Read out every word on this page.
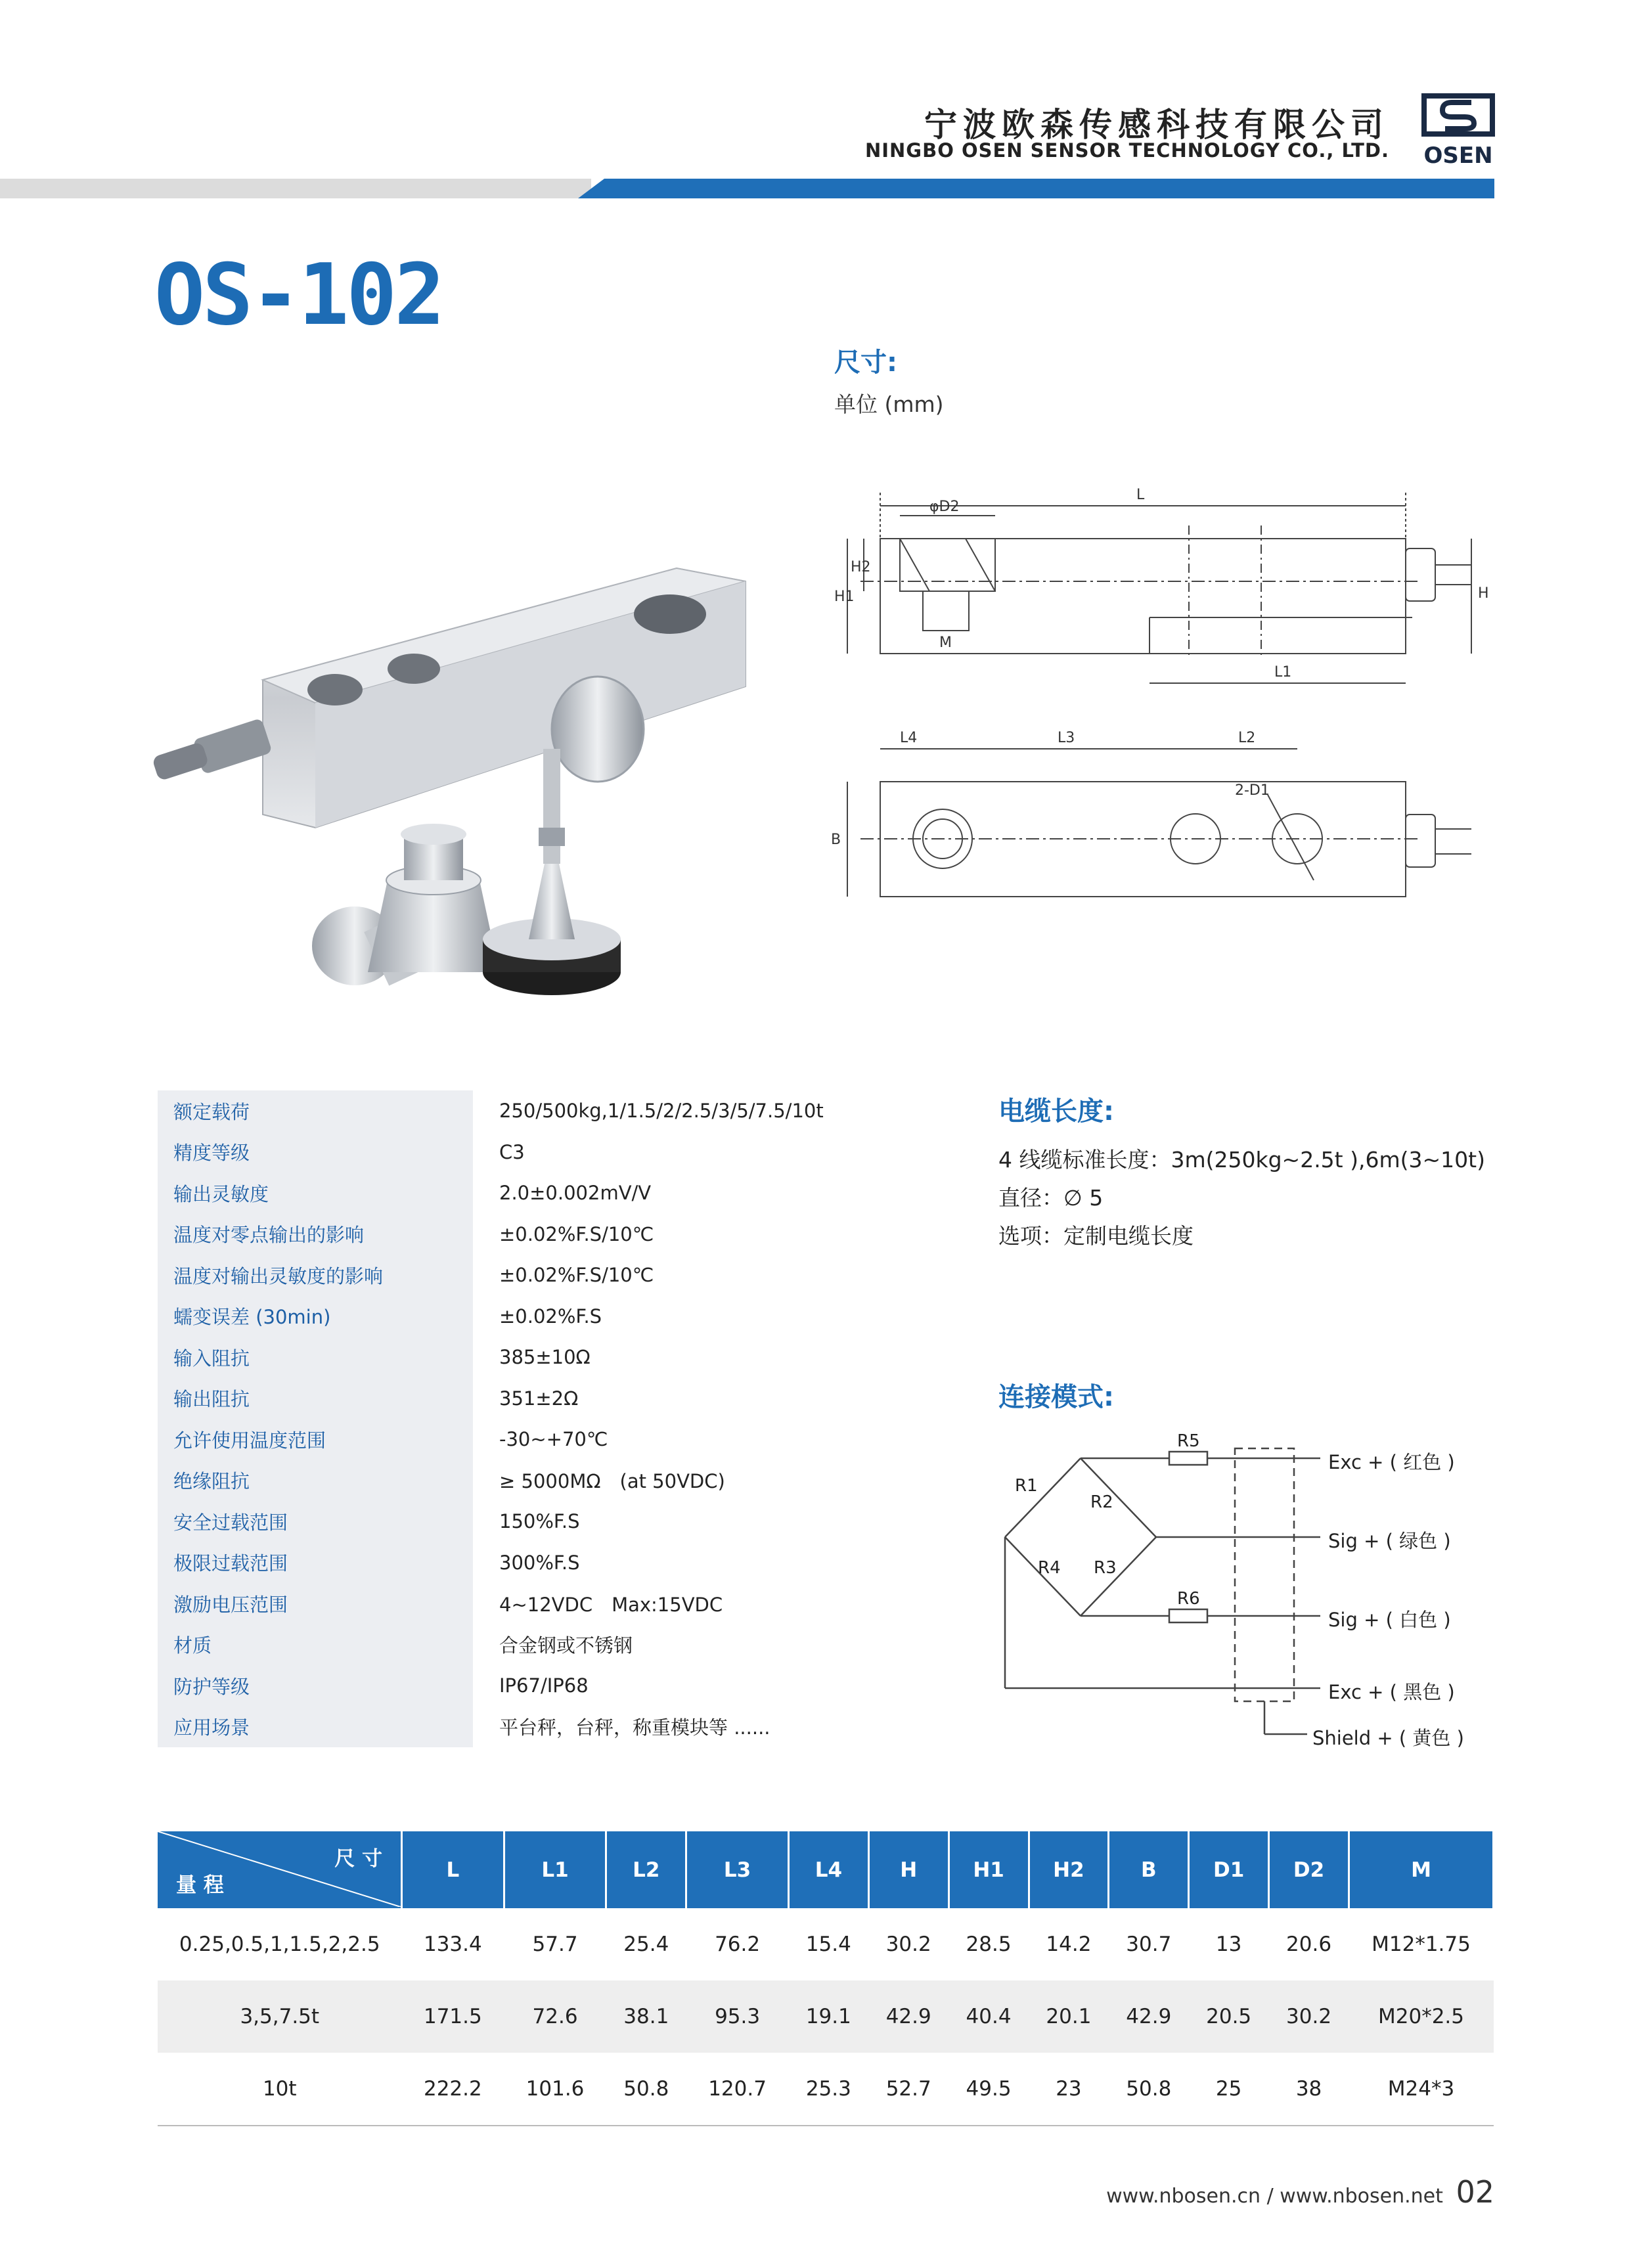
宁波欧森传感科技有限公司
NINGBO OSEN SENSOR TECHNOLOGY CO., LTD. OSEN
OS-102
尺寸:
单位 (mm)
L
φD2
H1
H2
H
M
L1
L4	L3	L2
2-D1
B
额定载荷	250/500kg,1/1.5/2/2.5/3/5/7.5/10t
精度等级	C3
输出灵敏度	2.0±0.002mV/V
温度对零点输出的影响	±0.02%F.S/10℃
温度对输出灵敏度的影响	±0.02%F.S/10℃
蠕变误差 (30min)	±0.02%F.S
输入阻抗	385±10Ω
输出阻抗	351±2Ω
允许使用温度范围	-30~+70℃
绝缘阻抗	≥ 5000MΩ　(at 50VDC)
安全过载范围	150%F.S
极限过载范围	300%F.S
激励电压范围	4~12VDC　Max:15VDC
材质	合金钢或不锈钢
防护等级	IP67/IP68
应用场景	平台秤，台秤，称重模块等 ......
电缆长度:
4 线缆标准长度：3m(250kg~2.5t ),6m(3~10t)
直径：∅ 5
选项：定制电缆长度
连接模式:
R1
R2
R3
R4
R5
R6
Exc + ( 红色 )
Sig + ( 绿色 )
Sig + ( 白色 )
Exc + ( 黑色 )
Shield + ( 黄色 )
尺 寸
量 程	L	L1	L2	L3	L4	H	H1	H2	B	D1	D2	M
0.25,0.5,1,1.5,2,2.5	133.4	57.7	25.4	76.2	15.4	30.2	28.5	14.2	30.7	13	20.6	M12*1.75
3,5,7.5t	171.5	72.6	38.1	95.3	19.1	42.9	40.4	20.1	42.9	20.5	30.2	M20*2.5
10t	222.2	101.6	50.8	120.7	25.3	52.7	49.5	23	50.8	25	38	M24*3
www.nbosen.cn / www.nbosen.net 02
